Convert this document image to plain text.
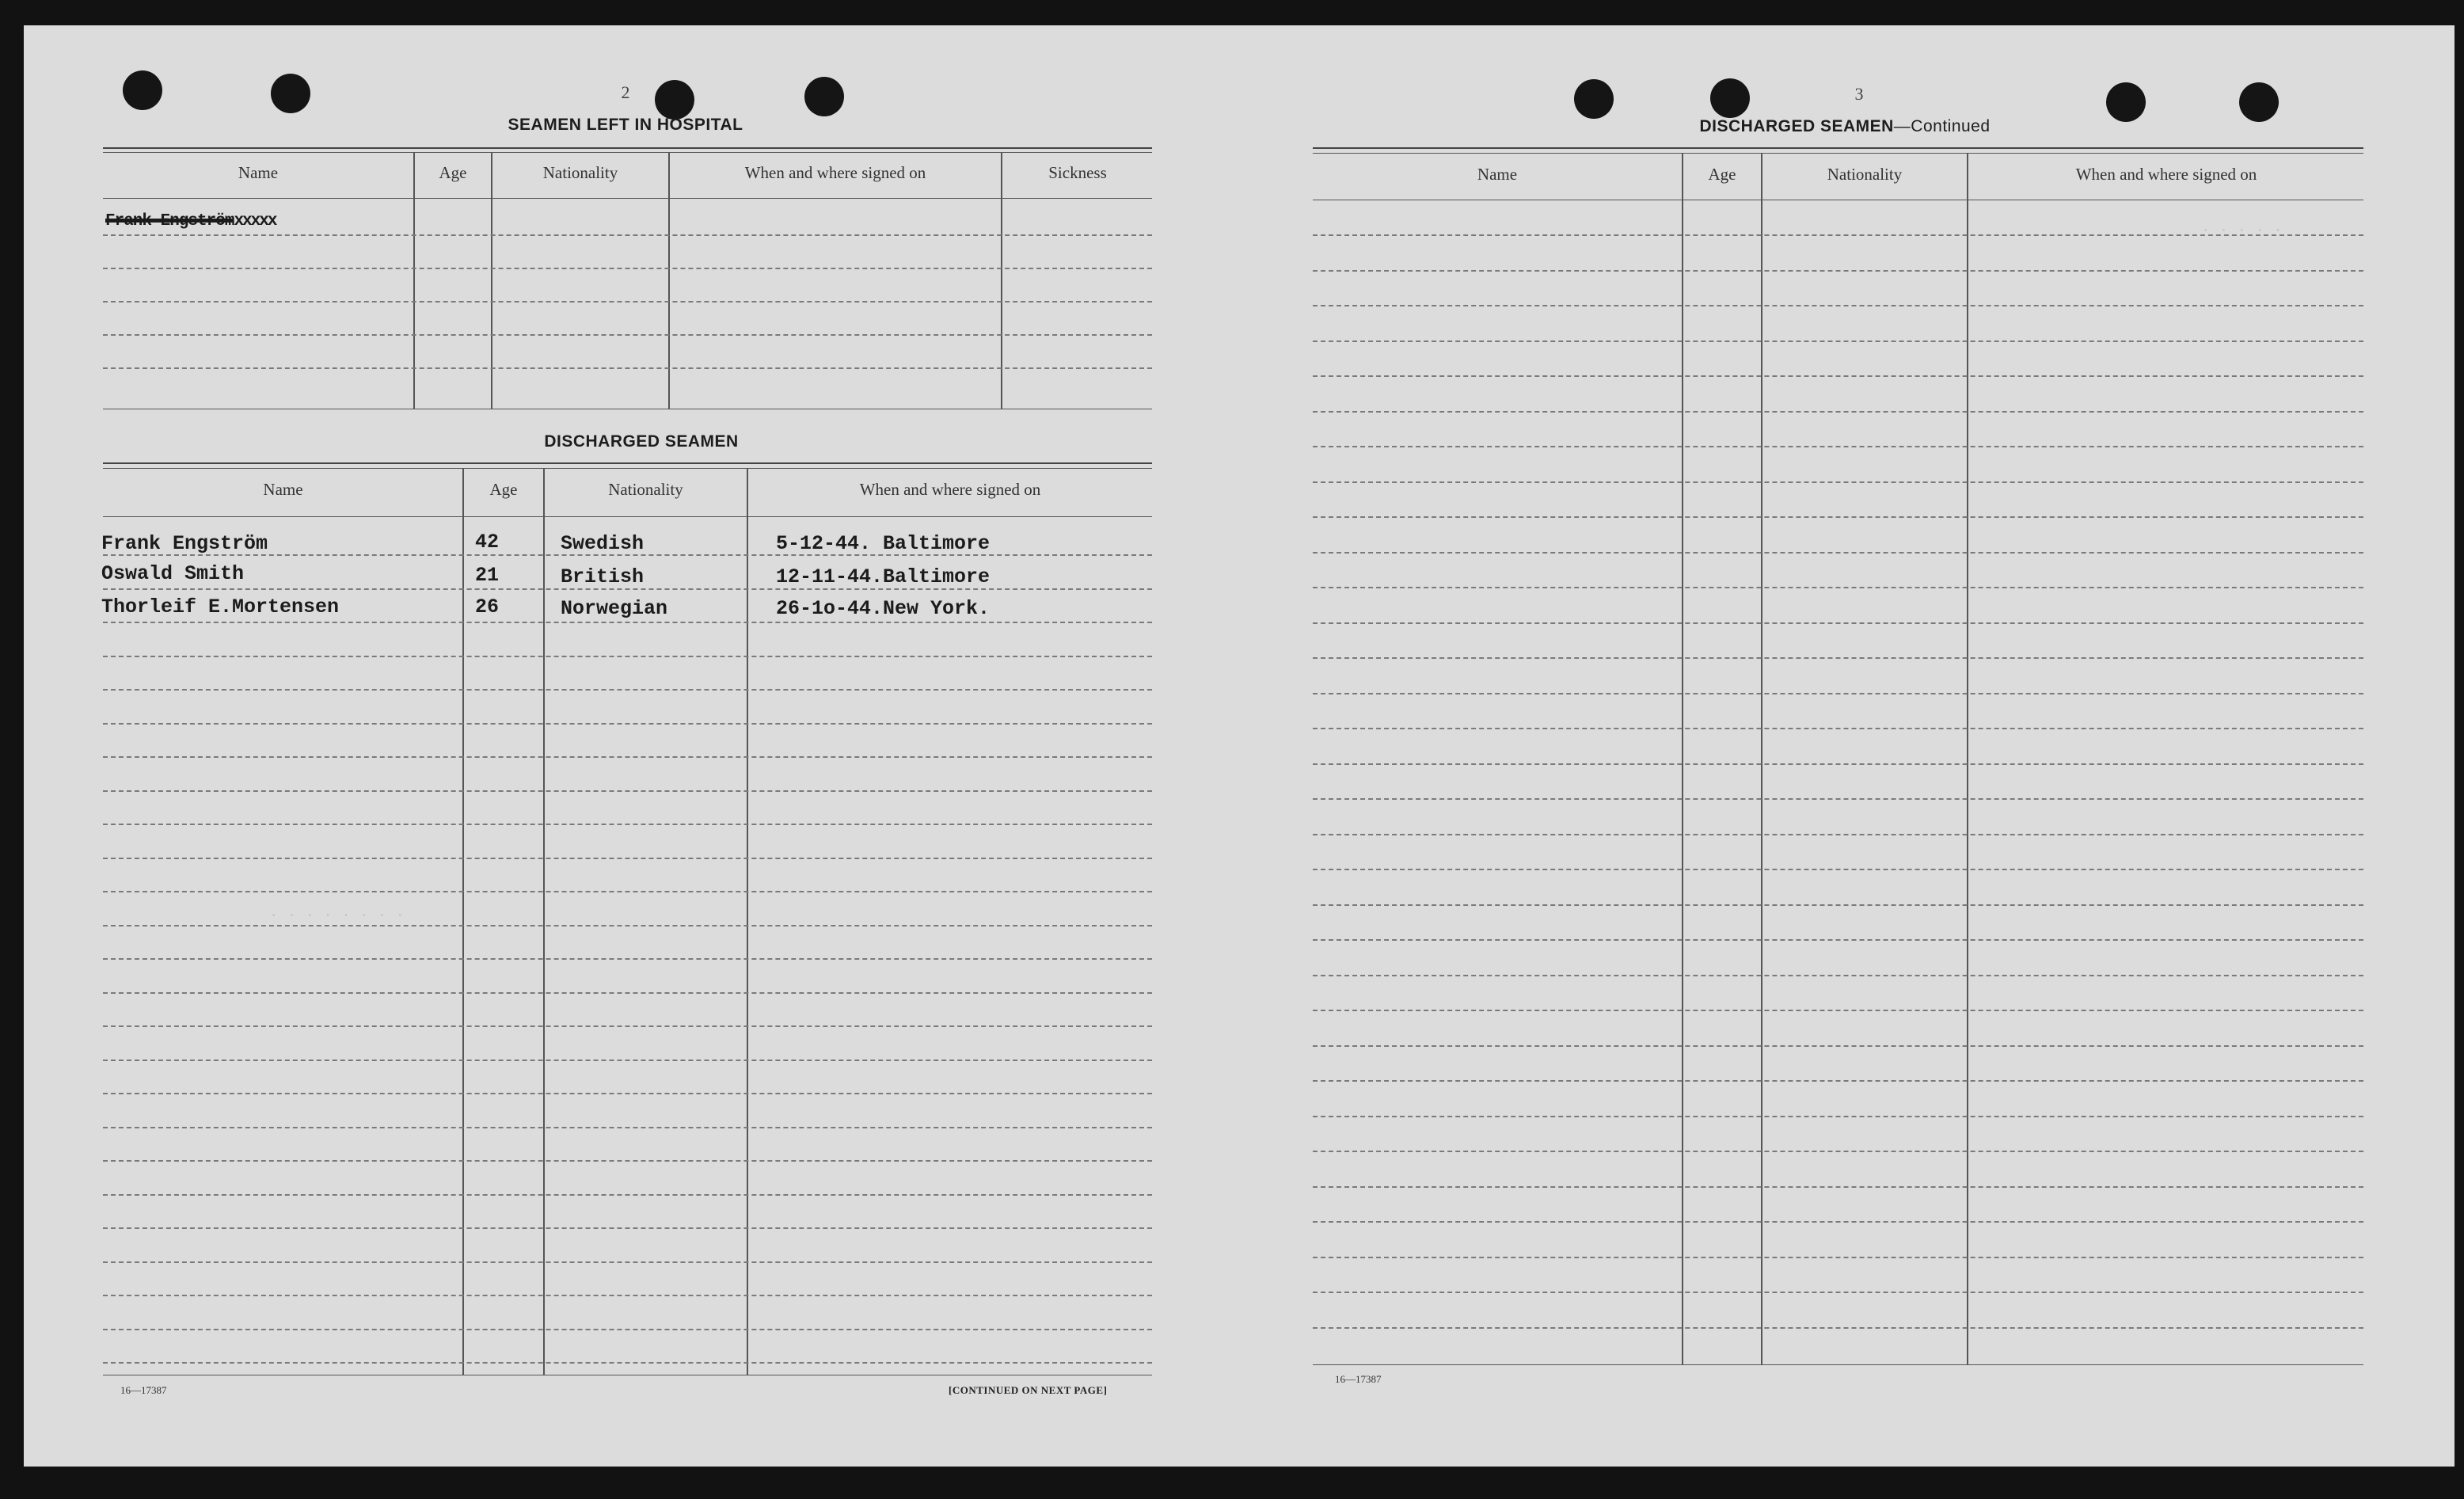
· · · · · · · ·
· · · · ·
2
SEAMEN LEFT IN HOSPITAL
Name	Age	Nationality	When and where signed on	Sickness
Frank Engströmxxxxx
DISCHARGED SEAMEN
Name	Age	Nationality	When and where signed on
Frank Engström	42	Swedish	5-12-44. Baltimore
Oswald Smith	21	British	12-11-44.Baltimore
Thorleif E.Mortensen	26	Norwegian	26-1o-44.New York.
16—17387	[CONTINUED ON NEXT PAGE]
3
DISCHARGED SEAMEN—Continued
Name	Age	Nationality	When and where signed on
16—17387
